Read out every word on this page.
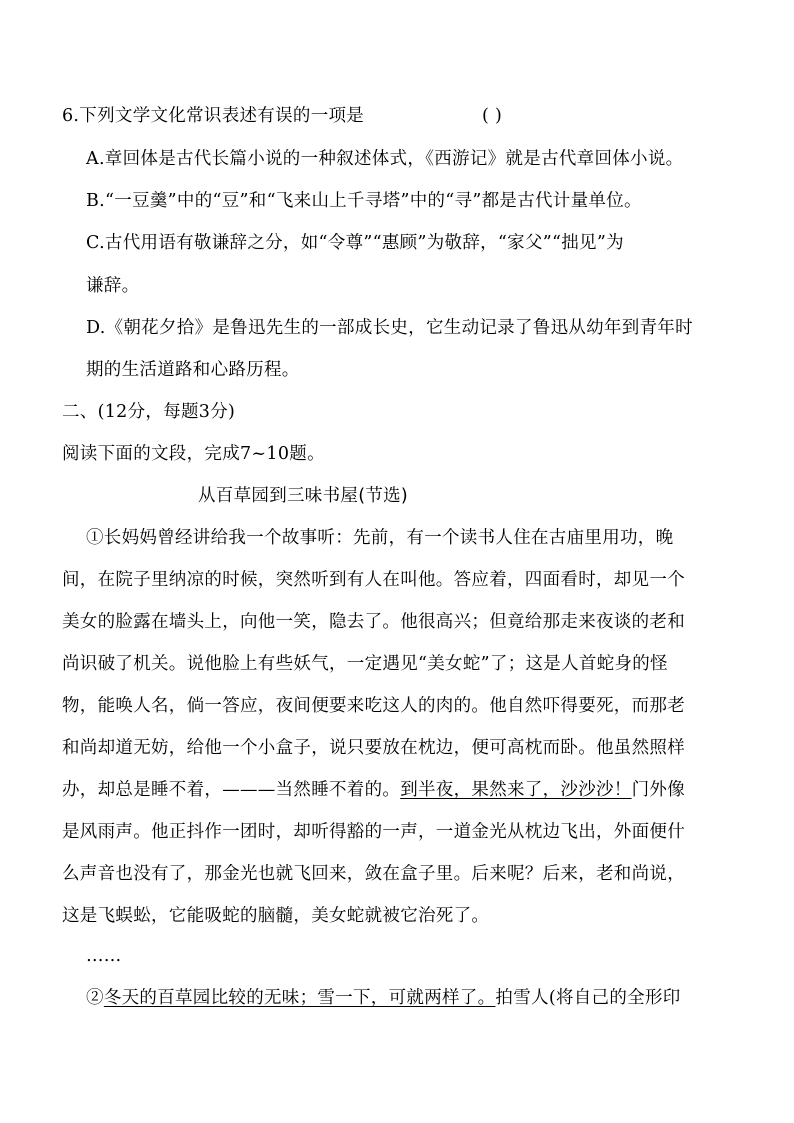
6.下列文学文化常识表述有误的一项是	( )
A.章回体是古代长篇小说的一种叙述体式，《西游记》就是古代章回体小说。
B.“一豆羹”中的“豆”和“飞来山上千寻塔”中的“寻”都是古代计量单位。
C.古代用语有敬谦辞之分，如“令尊”“惠顾”为敬辞，“家父”“拙见”为
谦辞。
D.《朝花夕拾》是鲁迅先生的一部成长史，它生动记录了鲁迅从幼年到青年时
期的生活道路和心路历程。
二、(12分，每题3分)
阅读下面的文段，完成7~10题。
从百草园到三味书屋(节选)
①长妈妈曾经讲给我一个故事听：先前，有一个读书人住在古庙里用功，晚
间，在院子里纳凉的时候，突然听到有人在叫他。答应着，四面看时，却见一个
美女的脸露在墙头上，向他一笑，隐去了。他很高兴；但竟给那走来夜谈的老和
尚识破了机关。说他脸上有些妖气，一定遇见“美女蛇”了；这是人首蛇身的怪
物，能唤人名，倘一答应，夜间便要来吃这人的肉的。他自然吓得要死，而那老
和尚却道无妨，给他一个小盒子，说只要放在枕边，便可高枕而卧。他虽然照样
办，却总是睡不着，———当然睡不着的。到半夜，果然来了，沙沙沙！门外像
是风雨声。他正抖作一团时，却听得豁的一声，一道金光从枕边飞出，外面便什
么声音也没有了，那金光也就飞回来，敛在盒子里。后来呢？后来，老和尚说，
这是飞蜈蚣，它能吸蛇的脑髓，美女蛇就被它治死了。
……
②冬天的百草园比较的无味；雪一下，可就两样了。拍雪人(将自己的全形印
